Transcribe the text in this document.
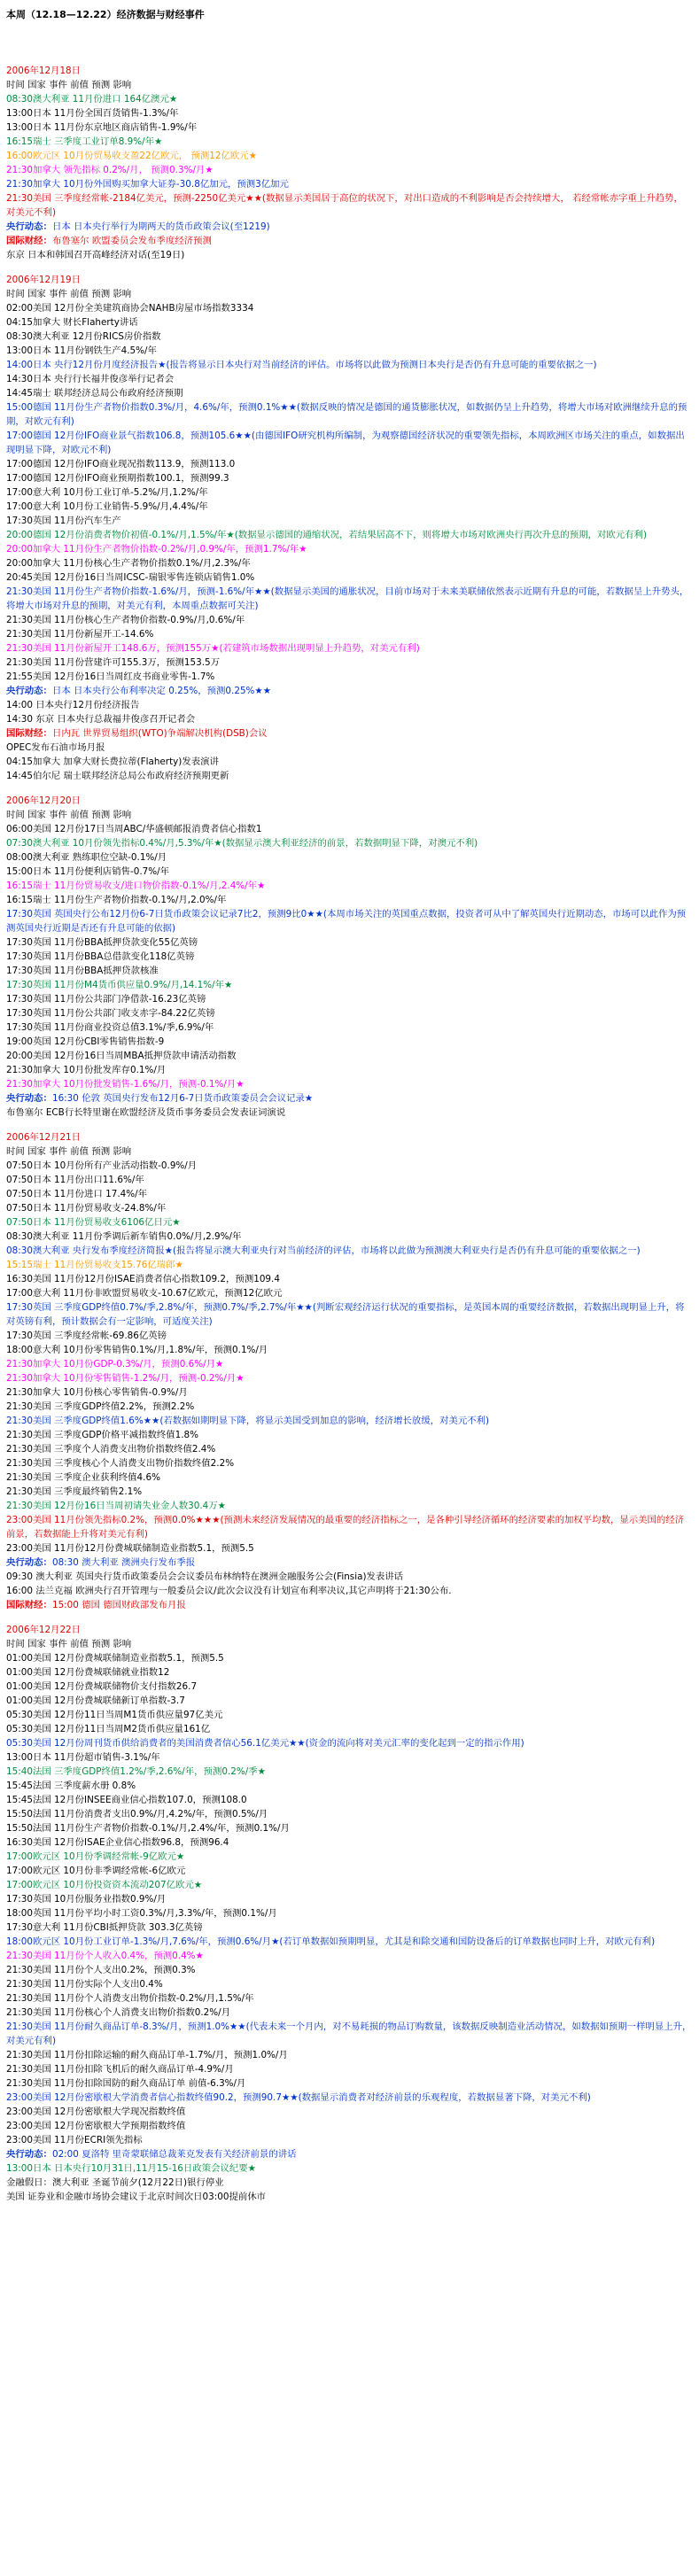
本周（12.18—12.22）经济数据与财经事件
2006年12月18日
时间 国家 事件 前值 预测 影响
08:30澳大利亚 11月份进口 164亿澳元★
13:00日本 11月份全国百货销售-1.3%/年
13:00日本 11月份东京地区商店销售-1.9%/年
16:15瑞士 三季度工业订单8.9%/年★
16:00欧元区 10月份贸易收支盈22亿欧元， 预测12亿欧元★
21:30加拿大 领先指标 0.2%/月， 预测0.3%/月★
21:30加拿大 10月份外国购买加拿大证券-30.8亿加元，预测3亿加元
21:30美国 三季度经常帐-2184亿美元，预测-2250亿美元★★(数据显示美国居于高位的状况下，对出口造成的不利影响是否会持续增大， 若经常帐赤字重上升趋势， 对美元不利)
央行动态：日本 日本央行举行为期两天的货币政策会议(至1219)
国际财经：布鲁塞尔 欧盟委员会发布季度经济预测
东京 日本和韩国召开高峰经济对话(至19日)
2006年12月19日
时间 国家 事件 前值 预测 影响
02:00美国 12月份全美建筑商协会NAHB房屋市场指数3334
04:15加拿大 财长Flaherty讲话
08:30澳大利亚 12月份RICS房价指数
13:00日本 11月份钢铁生产4.5%/年
14:00日本 央行12月份月度经济报告★(报告将显示日本央行对当前经济的评估。市场将以此做为预测日本央行是否仍有升息可能的重要依据之一)
14:30日本 央行行长福井俊彦举行记者会
14:45瑞士 联邦经济总局公布政府经济预期
15:00德国 11月份生产者物价指数0.3%/月，4.6%/年，预测0.1%★★(数据反映的情况是德国的通货膨胀状况，如数据仍呈上升趋势，将增大市场对欧洲继续升息的预期，对欧元有利)
17:00德国 12月份IFO商业景气指数106.8，预测105.6★★(由德国IFO研究机构所编制，为观察德国经济状况的重要领先指标，本周欧洲区市场关注的重点，如数据出现明显下降，对欧元不利)
17:00德国 12月份IFO商业现况指数113.9，预测113.0
17:00德国 12月份IFO商业预期指数100.1，预测99.3
17:00意大利 10月份工业订单-5.2%/月,1.2%/年
17:00意大利 10月份工业销售-5.9%/月,4.4%/年
17:30英国 11月份汽车生产
20:00德国 12月份消费者物价初值-0.1%/月,1.5%/年★(数据显示德国的通缩状况，若结果居高不下，则将增大市场对欧洲央行再次升息的预期，对欧元有利)
20:00加拿大 11月份生产者物价指数-0.2%/月,0.9%/年，预测1.7%/年★
20:00加拿大 11月份核心生产者物价指数0.1%/月,2.3%/年
20:45美国 12月份16日当周ICSC-瑞银零售连锁店销售1.0%
21:30美国 11月份生产者物价指数-1.6%/月，预测-1.6%/年★★(数据显示美国的通胀状况，目前市场对于未来美联储依然表示近期有升息的可能，若数据呈上升势头，将增大市场对升息的预期，对美元有利，本周重点数据可关注)
21:30美国 11月份核心生产者物价指数-0.9%/月,0.6%/年
21:30美国 11月份新屋开工-14.6%
21:30美国 11月份新屋开工148.6万，预测155万★(若建筑市场数据出现明显上升趋势，对美元有利)
21:30美国 11月份营建许可155.3万，预测153.5万
21:55美国 12月份16日当周红皮书商业零售-1.7%
央行动态：日本 日本央行公布利率决定 0.25%，预测0.25%★★
14:00 日本央行12月份经济报告
14:30 东京 日本央行总裁福井俊彦召开记者会
国际财经：日内瓦 世界贸易组织(WTO)争端解决机构(DSB)会议
OPEC发布石油市场月报
04:15加拿大 加拿大财长费拉蒂(Flaherty)发表演讲
14:45伯尔尼 瑞士联邦经济总局公布政府经济预期更新
2006年12月20日
时间 国家 事件 前值 预测 影响
06:00美国 12月份17日当周ABC/华盛顿邮报消费者信心指数1
07:30澳大利亚 10月份领先指标0.4%/月,5.3%/年★(数据显示澳大利亚经济的前景，若数据明显下降，对澳元不利)
08:00澳大利亚 熟练职位空缺-0.1%/月
15:00日本 11月份便利店销售-0.7%/年
16:15瑞士 11月份贸易收支/进口物价指数-0.1%/月,2.4%/年★
16:15瑞士 11月份生产者物价指数-0.1%/月,2.0%/年
17:30英国 英国央行公布12月份6-7日货币政策会议记录7比2，预测9比0★★(本周市场关注的英国重点数据，投资者可从中了解英国央行近期动态，市场可以此作为预测英国央行近期是否还有升息可能的依据)
17:30英国 11月份BBA抵押贷款变化55亿英镑
17:30英国 11月份BBA总借款变化118亿英镑
17:30英国 11月份BBA抵押贷款核准
17:30英国 11月份M4货币供应量0.9%/月,14.1%/年★
17:30英国 11月份公共部门净借款-16.23亿英镑
17:30英国 11月份公共部门收支赤字-84.22亿英镑
17:30英国 11月份商业投资总值3.1%/季,6.9%/年
19:00英国 12月份CBI零售销售指数-9
20:00美国 12月份16日当周MBA抵押贷款申请活动指数
21:30加拿大 10月份批发库存0.1%/月
21:30加拿大 10月份批发销售-1.6%/月，预测-0.1%/月★
央行动态：16:30 伦敦 英国央行发布12月6-7日货币政策委员会会议记录★
布鲁塞尔 ECB行长特里谢在欧盟经济及货币事务委员会发表证词演说
2006年12月21日
时间 国家 事件 前值 预测 影响
07:50日本 10月份所有产业活动指数-0.9%/月
07:50日本 11月份出口11.6%/年
07:50日本 11月份进口 17.4%/年
07:50日本 11月份贸易收支-24.8%/年
07:50日本 11月份贸易收支6106亿日元★
08:30澳大利亚 11月份季调后新车销售0.0%/月,2.9%/年
08:30澳大利亚 央行发布季度经济简报★(报告将显示澳大利亚央行对当前经济的评估，市场将以此做为预测澳大利亚央行是否仍有升息可能的重要依据之一)
15:15瑞士 11月份贸易收支15.76亿瑞郎★
16:30美国 11月份12月份ISAE消费者信心指数109.2，预测109.4
17:00意大利 11月份非欧盟贸易收支-10.67亿欧元，预测12亿欧元
17:30英国 三季度GDP终值0.7%/季,2.8%/年，预测0.7%/季,2.7%/年★★(判断宏观经济运行状况的重要指标，是英国本周的重要经济数据，若数据出现明显上升，将对英镑有利，预计数据会有一定影响，可适度关注)
17:30英国 三季度经常帐-69.86亿英镑
18:00意大利 10月份零售销售0.1%/月,1.8%/年，预测0.1%/月
21:30加拿大 10月份GDP-0.3%/月，预测0.6%/月★
21:30加拿大 10月份零售销售-1.2%/月，预测-0.2%/月★
21:30加拿大 10月份核心零售销售-0.9%/月
21:30美国 三季度GDP终值2.2%，预测2.2%
21:30美国 三季度GDP终值1.6%★★(若数据如期明显下降，将显示美国受到加息的影响，经济增长放缓，对美元不利)
21:30美国 三季度GDP价格平减指数终值1.8%
21:30美国 三季度个人消费支出物价指数终值2.4%
21:30美国 三季度核心个人消费支出物价指数终值2.2%
21:30美国 三季度企业获利终值4.6%
21:30美国 三季度最终销售2.1%
21:30美国 12月份16日当周初请失业金人数30.4万★
23:00美国 11月份领先指标0.2%，预测0.0%★★★(预测未来经济发展情况的最重要的经济指标之一，是各种引导经济循环的经济要素的加权平均数，显示美国的经济前景，若数据能上升将对美元有利)
23:00美国 11月份12月份费城联储制造业指数5.1，预测5.5
央行动态：08:30 澳大利亚 澳洲央行发布季报
09:30 澳大利亚 英国央行货币政策委员会会议委员布林纳特在澳洲金融服务公会(Finsia)发表讲话
16:00 法兰克福 欧洲央行召开管理与一般委员会议/此次会议没有计划宣布利率决议,其它声明将于21:30公布.
国际财经：15:00 德国 德国财政部发布月报
2006年12月22日
时间 国家 事件 前值 预测 影响
01:00美国 12月份费城联储制造业指数5.1，预测5.5
01:00美国 12月份费城联储就业指数12
01:00美国 12月份费城联储物价支付指数26.7
01:00美国 12月份费城联储新订单指数-3.7
05:30美国 12月份11日当周M1货币供应量97亿美元
05:30美国 12月份11日当周M2货币供应量161亿
05:30美国 12月份周刊货币供给消费者的美国消费者信心56.1亿美元★★(资金的流向将对美元汇率的变化起到一定的指示作用)
13:00日本 11月份超市销售-3.1%/年
15:40法国 三季度GDP终值1.2%/季,2.6%/年，预测0.2%/季★
15:45法国 三季度薪水册 0.8%
15:45法国 12月份INSEE商业信心指数107.0，预测108.0
15:50法国 11月份消费者支出0.9%/月,4.2%/年，预测0.5%/月
15:50法国 11月份生产者物价指数-0.1%/月,2.4%/年，预测0.1%/月
16:30美国 12月份ISAE企业信心指数96.8，预测96.4
17:00欧元区 10月份季调经常帐-9亿欧元★
17:00欧元区 10月份非季调经常帐-6亿欧元
17:00欧元区 10月份投资资本流动207亿欧元★
17:30英国 10月份服务业指数0.9%/月
18:00英国 11月份平均小时工资0.3%/月,3.3%/年，预测0.1%/月
17:30意大利 11月份CBI抵押贷款 303.3亿英镑
18:00欧元区 10月份工业订单-1.3%/月,7.6%/年，预测0.6%/月★(若订单数据如预期明显，尤其是和除交通和国防设备后的订单数据也同时上升，对欧元有利)
21:30美国 11月份个人收入0.4%，预测0.4%★
21:30美国 11月份个人支出0.2%，预测0.3%
21:30美国 11月份实际个人支出0.4%
21:30美国 11月份个人消费支出物价指数-0.2%/月,1.5%/年
21:30美国 11月份核心个人消费支出物价指数0.2%/月
21:30美国 11月份耐久商品订单-8.3%/月，预测1.0%★★(代表未来一个月内，对不易耗损的物品订购数量，该数据反映制造业活动情况，如数据如预期一样明显上升，对美元有利)
21:30美国 11月份扣除运输的耐久商品订单-1.7%/月，预测1.0%/月
21:30美国 11月份扣除飞机后的耐久商品订单-4.9%/月
21:30美国 11月份扣除国防的耐久商品订单 前值-6.3%/月
23:00美国 12月份密歇根大学消费者信心指数终值90.2，预测90.7★★(数据显示消费者对经济前景的乐观程度，若数据显著下降，对美元不利)
23:00美国 12月份密歇根大学现况指数终值
23:00美国 12月份密歇根大学预期指数终值
23:00美国 11月份ECRI领先指标
央行动态：02:00 夏洛特 里奇蒙联储总裁莱克发表有关经济前景的讲话
13:00日本 日本央行10月31日,11月15-16日政策会议纪要★
金融假日：澳大利亚 圣诞节前夕(12月22日)银行停业
美国 证券业和金融市场协会建议于北京时间次日03:00提前休市
